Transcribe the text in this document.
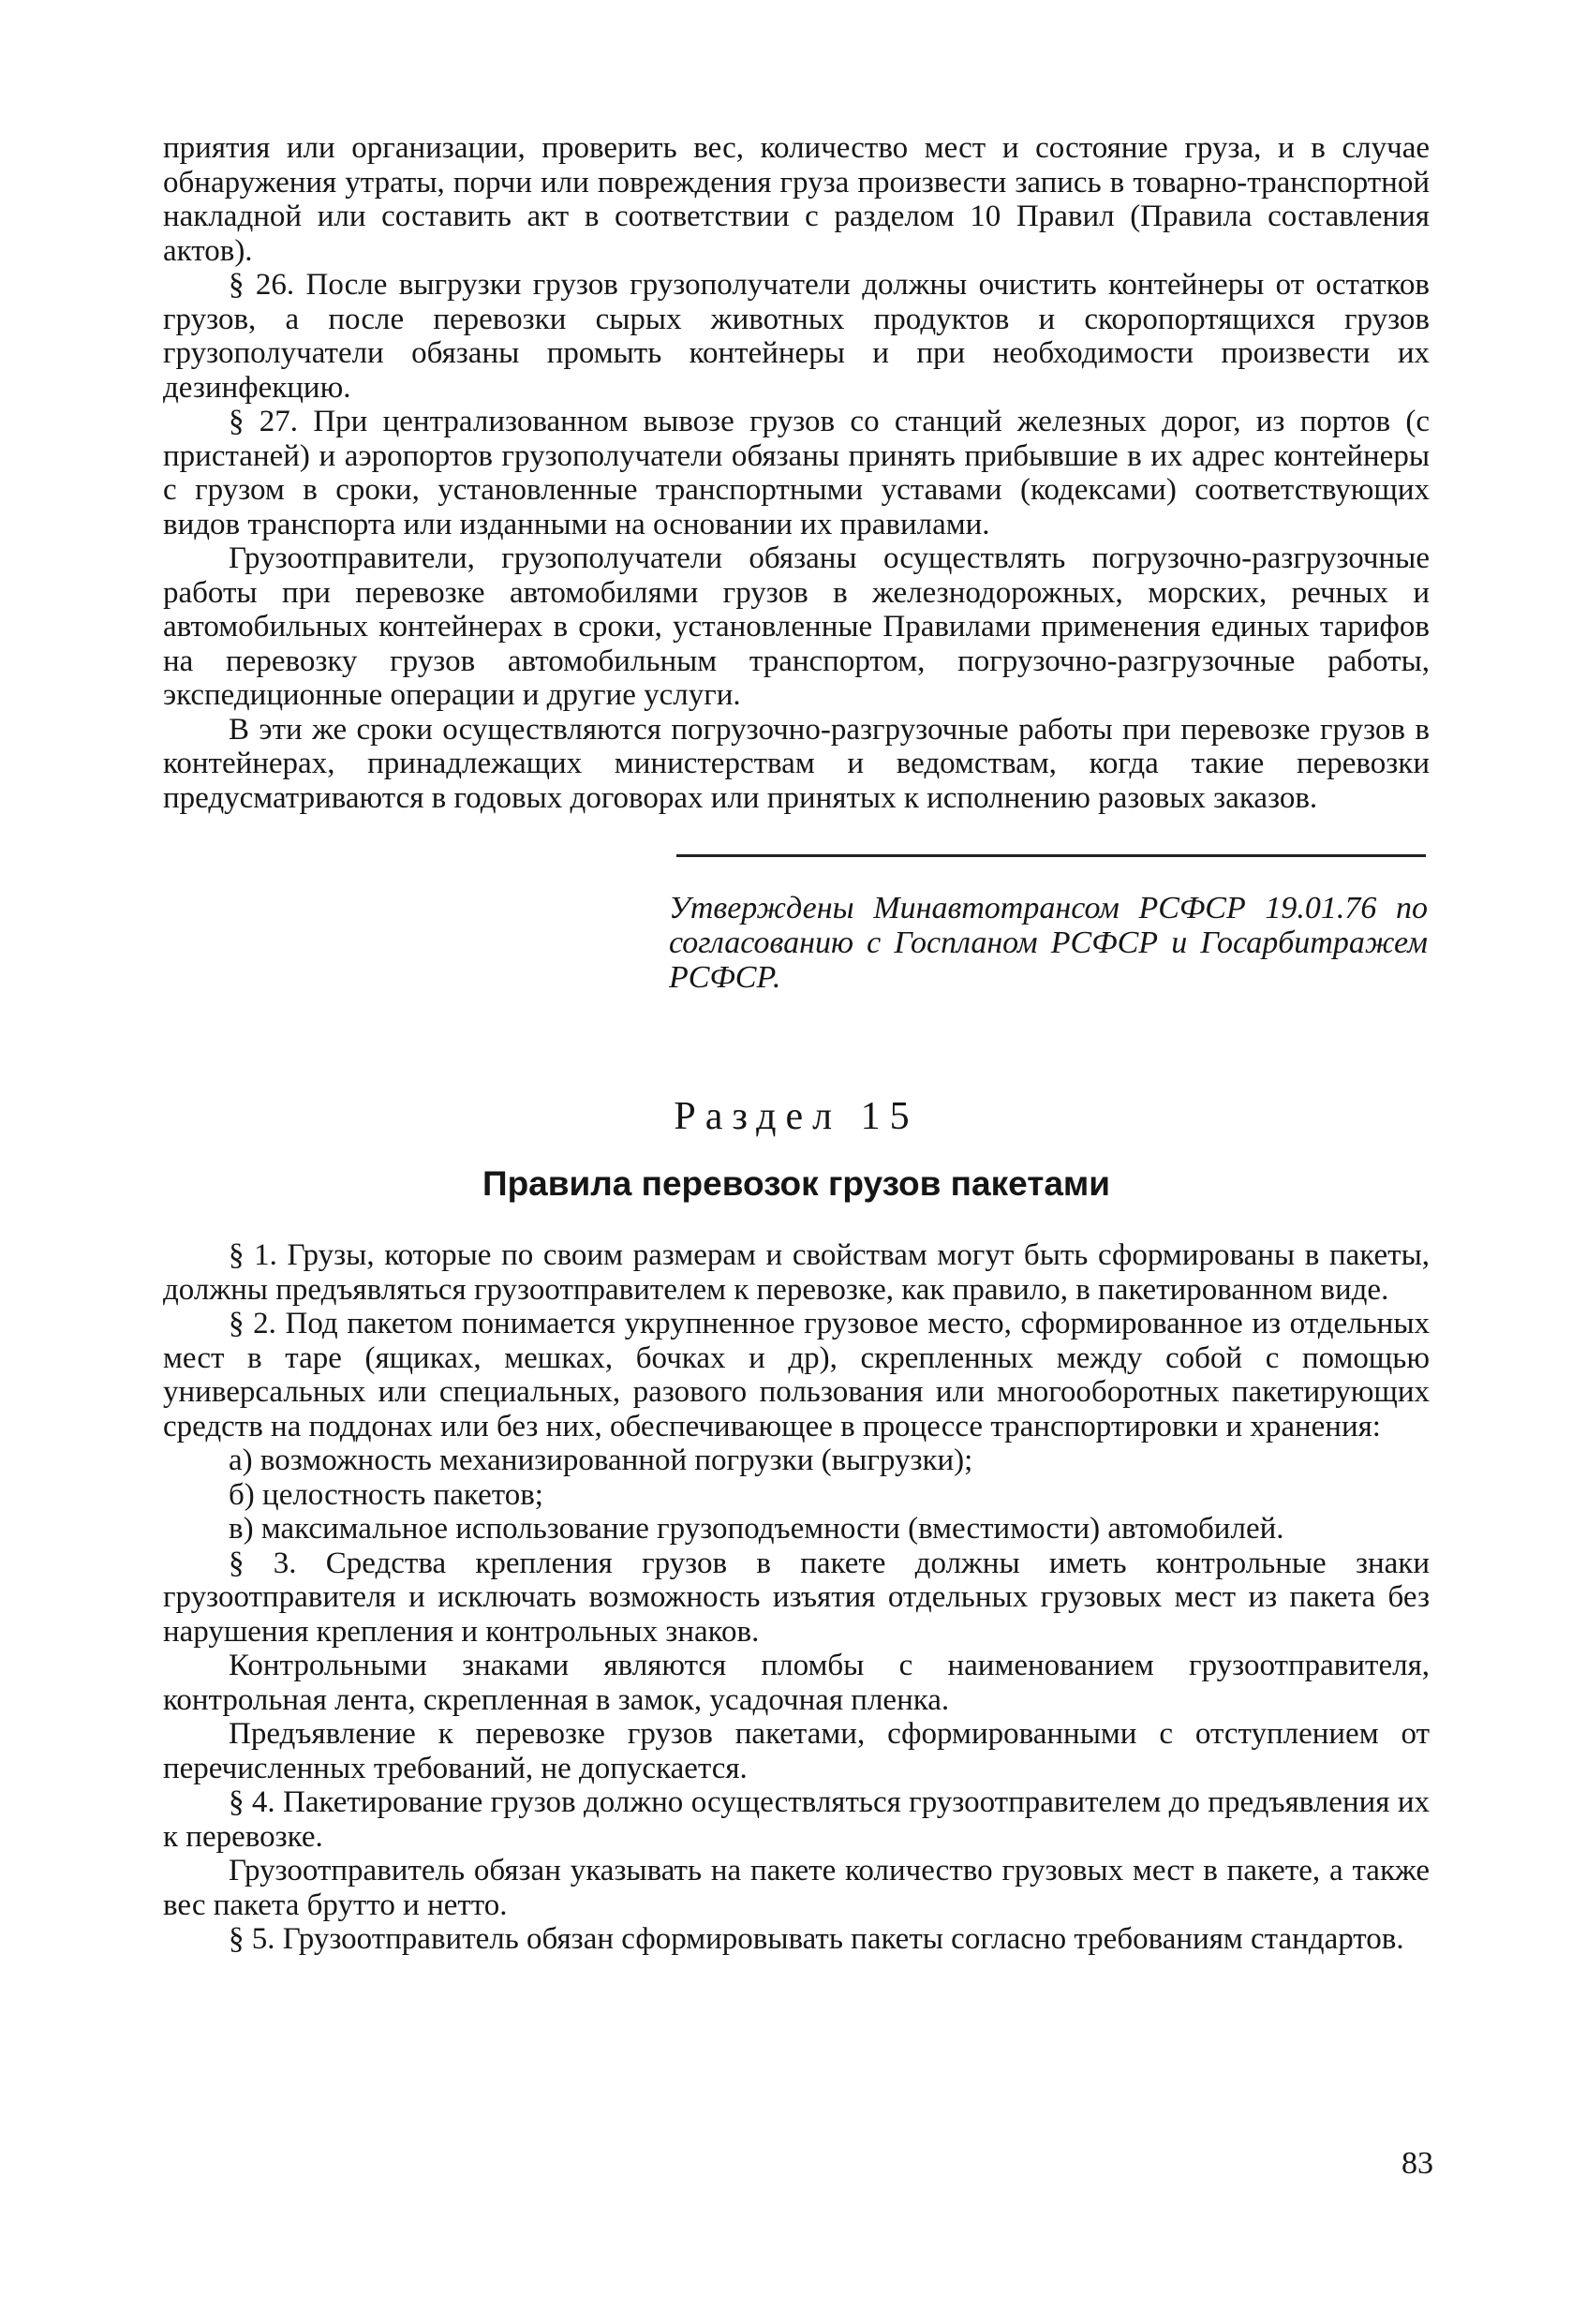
приятия или организации, проверить вес, количество мест и состояние груза, и в случае обнаружения утраты, порчи или повреждения груза произвести запись в товарно-транспортной накладной или составить акт в соответствии с разделом 10 Правил (Правила составления актов).

§ 26. После выгрузки грузов грузополучатели должны очистить контейнеры от остатков грузов, а после перевозки сырых животных продуктов и скоропортящихся грузов грузополучатели обязаны промыть контейнеры и при необходимости произвести их дезинфекцию.

§ 27. При централизованном вывозе грузов со станций железных дорог, из портов (с пристаней) и аэропортов грузополучатели обязаны принять прибывшие в их адрес контейнеры с грузом в сроки, установленные транспортными уставами (кодексами) соответствующих видов транспорта или изданными на основании их правилами.

Грузоотправители, грузополучатели обязаны осуществлять погрузочно-разгрузочные работы при перевозке автомобилями грузов в железнодорожных, морских, речных и автомобильных контейнерах в сроки, установленные Правилами применения единых тарифов на перевозку грузов автомобильным транспортом, погрузочно-разгрузочные работы, экспедиционные операции и другие услуги.

В эти же сроки осуществляются погрузочно-разгрузочные работы при перевозке грузов в контейнерах, принадлежащих министерствам и ведомствам, когда такие перевозки предусматриваются в годовых договорах или принятых к исполнению разовых заказов.

Утверждены Минавтотрансом РСФСР 19.01.76 по согласованию с Госпланом РСФСР и Госарбитражем РСФСР.

Раздел 15
Правила перевозок грузов пакетами

§ 1. Грузы, которые по своим размерам и свойствам могут быть сформированы в пакеты, должны предъявляться грузоотправителем к перевозке, как правило, в пакетированном виде.

§ 2. Под пакетом понимается укрупненное грузовое место, сформированное из отдельных мест в таре (ящиках, мешках, бочках и др), скрепленных между собой с помощью универсальных или специальных, разового пользования или многооборотных пакетирующих средств на поддонах или без них, обеспечивающее в процессе транспортировки и хранения:

а) возможность механизированной погрузки (выгрузки);

б) целостность пакетов;

в) максимальное использование грузоподъемности (вместимости) автомобилей.

§ 3. Средства крепления грузов в пакете должны иметь контрольные знаки грузоотправителя и исключать возможность изъятия отдельных грузовых мест из пакета без нарушения крепления и контрольных знаков.

Контрольными знаками являются пломбы с наименованием грузоотправителя, контрольная лента, скрепленная в замок, усадочная пленка.

Предъявление к перевозке грузов пакетами, сформированными с отступлением от перечисленных требований, не допускается.

§ 4. Пакетирование грузов должно осуществляться грузоотправителем до предъявления их к перевозке.

Грузоотправитель обязан указывать на пакете количество грузовых мест в пакете, а также вес пакета брутто и нетто.

§ 5. Грузоотправитель обязан сформировывать пакеты согласно требованиям стандартов.

83
